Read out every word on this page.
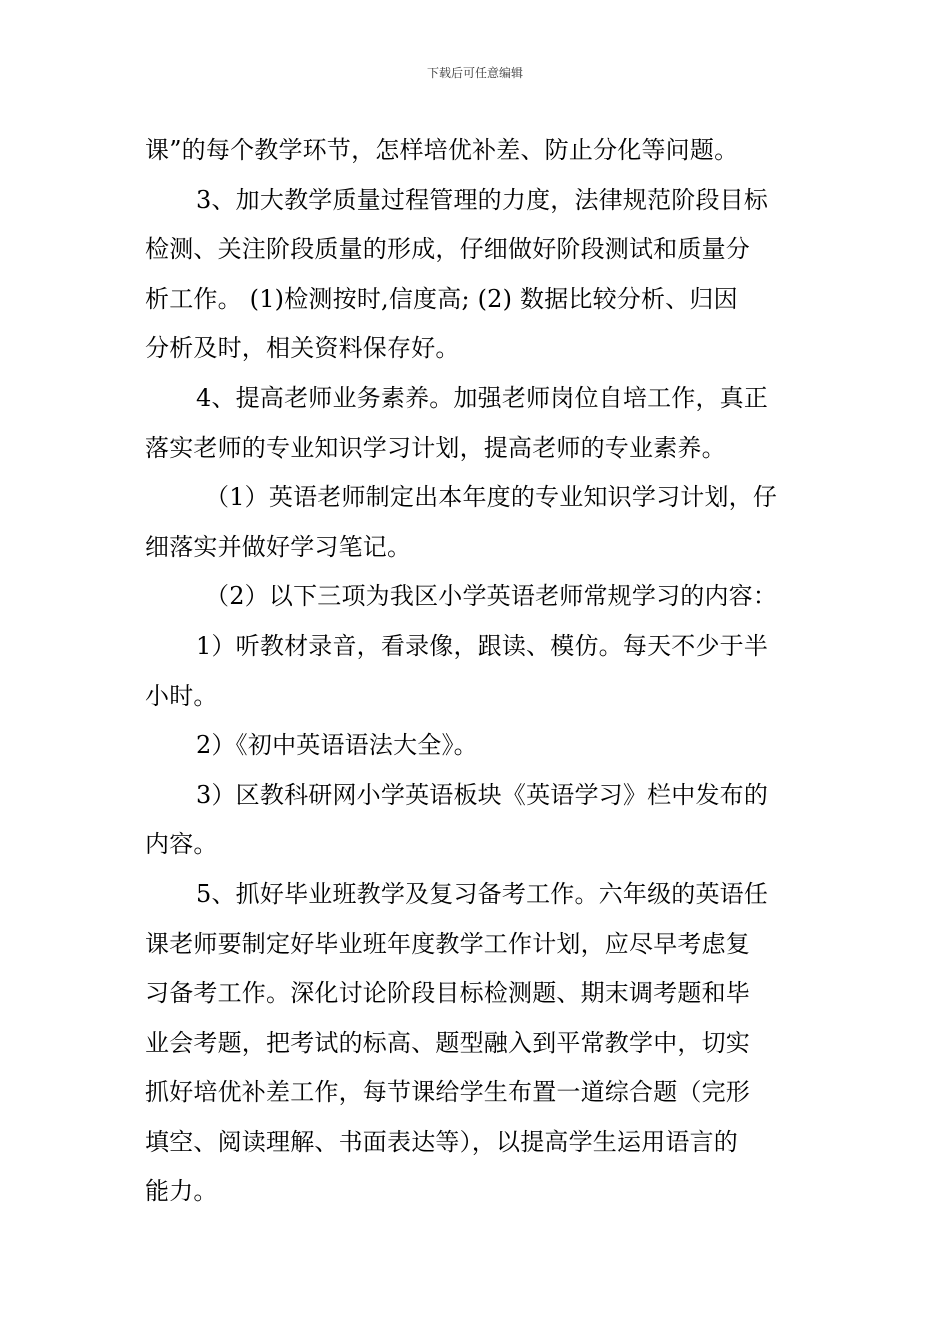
下载后可任意编辑
课”的每个教学环节，怎样培优补差、防止分化等问题。
3、加大教学质量过程管理的力度，法律规范阶段目标
检测、关注阶段质量的形成，仔细做好阶段测试和质量分
析工作。 (1)检测按时,信度高; (2) 数据比较分析、归因
分析及时，相关资料保存好。
4、提高老师业务素养。加强老师岗位自培工作，真正
落实老师的专业知识学习计划，提高老师的专业素养。
（1）英语老师制定出本年度的专业知识学习计划，仔
细落实并做好学习笔记。
（2）以下三项为我区小学英语老师常规学习的内容：
1）听教材录音，看录像，跟读、模仿。每天不少于半
小时。
2）《初中英语语法大全》。
3）区教科研网小学英语板块《英语学习》栏中发布的
内容。
5、抓好毕业班教学及复习备考工作。六年级的英语任
课老师要制定好毕业班年度教学工作计划，应尽早考虑复
习备考工作。深化讨论阶段目标检测题、期末调考题和毕
业会考题，把考试的标高、题型融入到平常教学中，切实
抓好培优补差工作，每节课给学生布置一道综合题（完形
填空、阅读理解、书面表达等），以提高学生运用语言的
能力。
